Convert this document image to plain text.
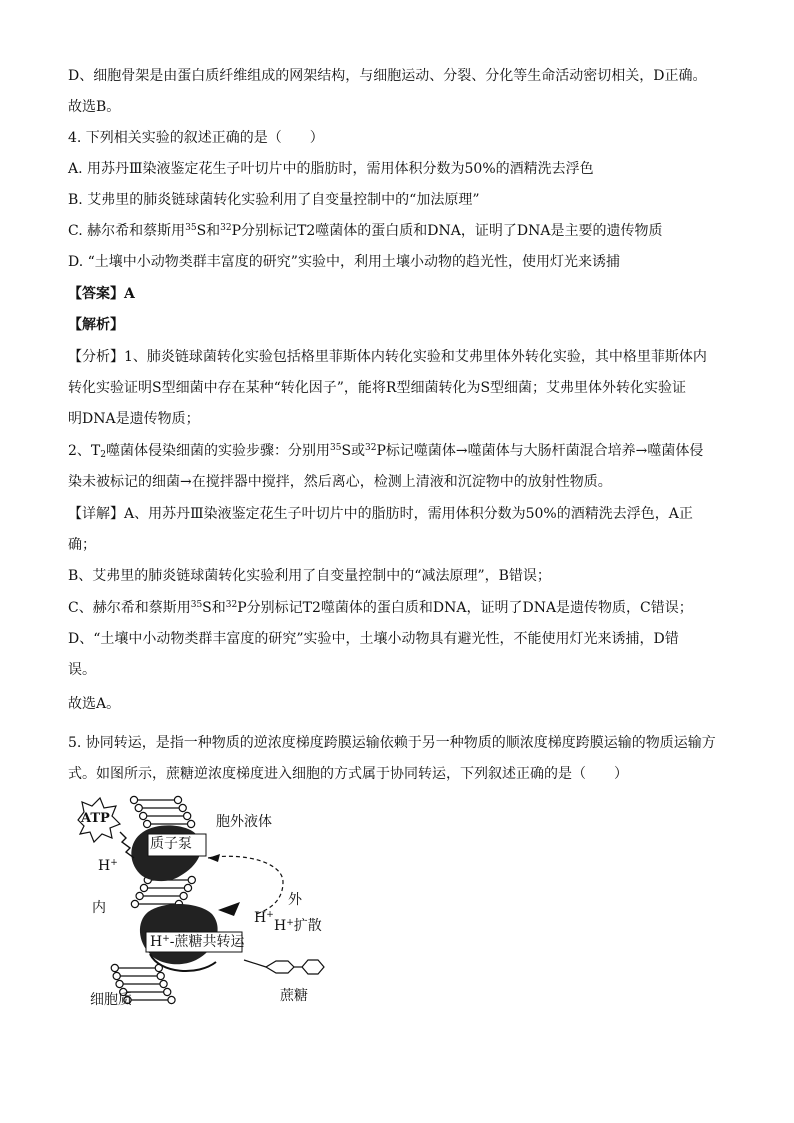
D、细胞骨架是由蛋白质纤维组成的网架结构，与细胞运动、分裂、分化等生命活动密切相关，D正确。
故选B。
4. 下列相关实验的叙述正确的是（　　）
A. 用苏丹Ⅲ染液鉴定花生子叶切片中的脂肪时，需用体积分数为50%的酒精洗去浮色
B. 艾弗里的肺炎链球菌转化实验利用了自变量控制中的“加法原理”
C. 赫尔希和蔡斯用$^{35}$S和$^{32}$P分别标记T2噬菌体的蛋白质和DNA，证明了DNA是主要的遗传物质
D. “土壤中小动物类群丰富度的研究”实验中，利用土壤小动物的趋光性，使用灯光来诱捕
【答案】A
【解析】
【分析】1、肺炎链球菌转化实验包括格里菲斯体内转化实验和艾弗里体外转化实验，其中格里菲斯体内
转化实验证明S型细菌中存在某种“转化因子”，能将R型细菌转化为S型细菌；艾弗里体外转化实验证
明DNA是遗传物质；
2、$T_2$噬菌体侵染细菌的实验步骤：分别用$^{35}$S或$^{32}$P标记噬菌体→噬菌体与大肠杆菌混合培养→噬菌体侵
染未被标记的细菌→在搅拌器中搅拌，然后离心，检测上清液和沉淀物中的放射性物质。
【详解】A、用苏丹Ⅲ染液鉴定花生子叶切片中的脂肪时，需用体积分数为50%的酒精洗去浮色，A正
确；
B、艾弗里的肺炎链球菌转化实验利用了自变量控制中的“减法原理”，B错误；
C、赫尔希和蔡斯用$^{35}$S和$^{32}$P分别标记T2噬菌体的蛋白质和DNA，证明了DNA是遗传物质，C错误；
D、“土壤中小动物类群丰富度的研究”实验中，土壤小动物具有避光性，不能使用灯光来诱捕，D错
误。
故选A。
5. 协同转运，是指一种物质的逆浓度梯度跨膜运输依赖于另一种物质的顺浓度梯度跨膜运输的物质运输方
式。如图所示，蔗糖逆浓度梯度进入细胞的方式属于协同转运，下列叙述正确的是（　　）
ATP
质子泵
胞外液体
H+
内	外
H+
H+扩散
H+-蔗糖共转运
细胞质	蔗糖
